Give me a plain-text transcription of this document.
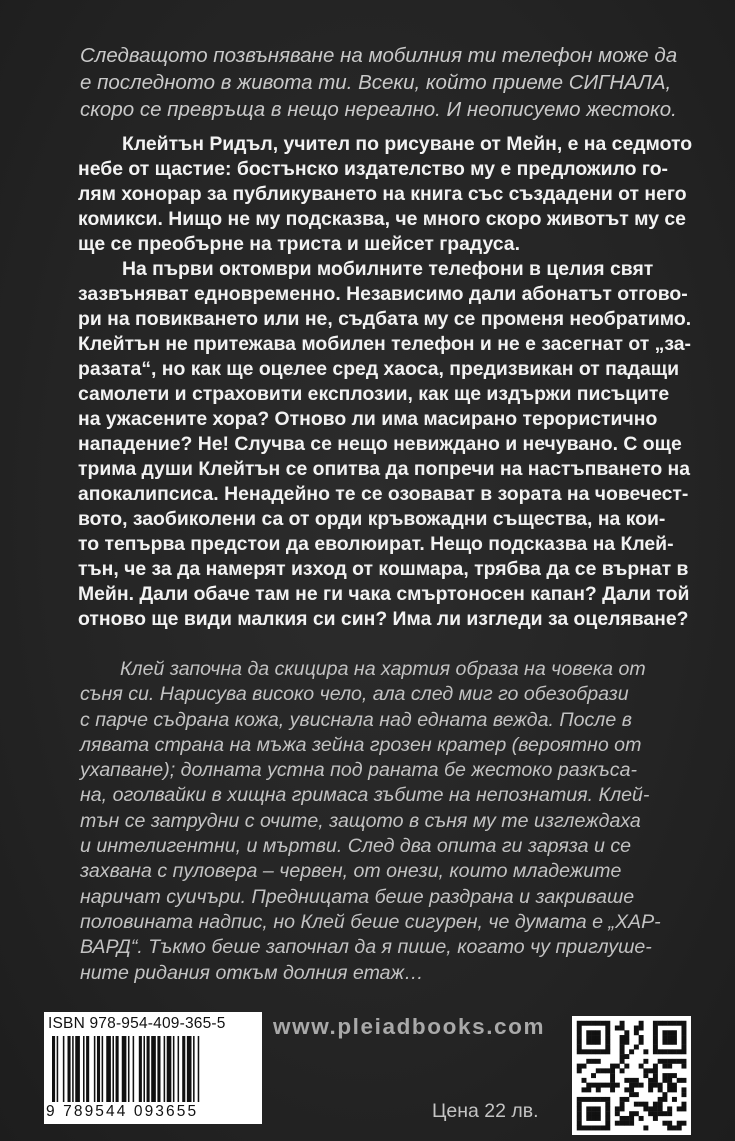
Следващото позвъняване на мобилния ти телефон може да
е последното в живота ти. Всеки, който приеме СИГНАЛА,
скоро се превръща в нещо нереално. И неописуемо жестоко.

Клейтън Ридъл, учител по рисуване от Мейн, е на седмото
небе от щастие: бостънско издателство му е предложило го-
лям хонорар за публикуването на книга със създадени от него
комикси. Нищо не му подсказва, че много скоро животът му се
ще се преобърне на триста и шейсет градуса.
На първи октомври мобилните телефони в целия свят
зазвъняват едновременно. Независимо дали абонатът отгово-
ри на повикването или не, съдбата му се променя необратимо.
Клейтън не притежава мобилен телефон и не е засегнат от „за-
разата“, но как ще оцелее сред хаоса, предизвикан от падащи
самолети и страховити експлозии, как ще издържи писъците
на ужасените хора? Отново ли има масирано терористично
нападение? Не! Случва се нещо невиждано и нечувано. С още
трима души Клейтън се опитва да попречи на настъпването на
апокалипсиса. Ненадейно те се озовават в зората на човечест-
вото, заобиколени са от орди кръвожадни същества, на кои-
то тепърва предстои да еволюират. Нещо подсказва на Клей-
тън, че за да намерят изход от кошмара, трябва да се върнат в
Мейн. Дали обаче там не ги чака смъртоносен капан? Дали той
отново ще види малкия си син? Има ли изгледи за оцеляване?
Клей започна да скицира на хартия образа на човека от
съня си. Нарисува високо чело, ала след миг го обезобрази
с парче съдрана кожа, увиснала над едната вежда. После в
лявата страна на мъжа зейна грозен кратер (вероятно от
ухапване); долната устна под раната бе жестоко разкъса-
на, оголвайки в хищна гримаса зъбите на непознатия. Клей-
тън се затрудни с очите, защото в съня му те изглеждаха
и интелигентни, и мъртви. След два опита ги заряза и се
захвана с пуловера – червен, от онези, които младежите
наричат суичъри. Предницата беше раздрана и закриваше
половината надпис, но Клей беше сигурен, че думата е „ХАР-
ВАРД“. Тъкмо беше започнал да я пише, когато чу приглуше-
ните ридания откъм долния етаж…
ISBN 978-954-409-365-5
9 789544 093655
www.pleiadbooks.com
Цена 22 лв.
